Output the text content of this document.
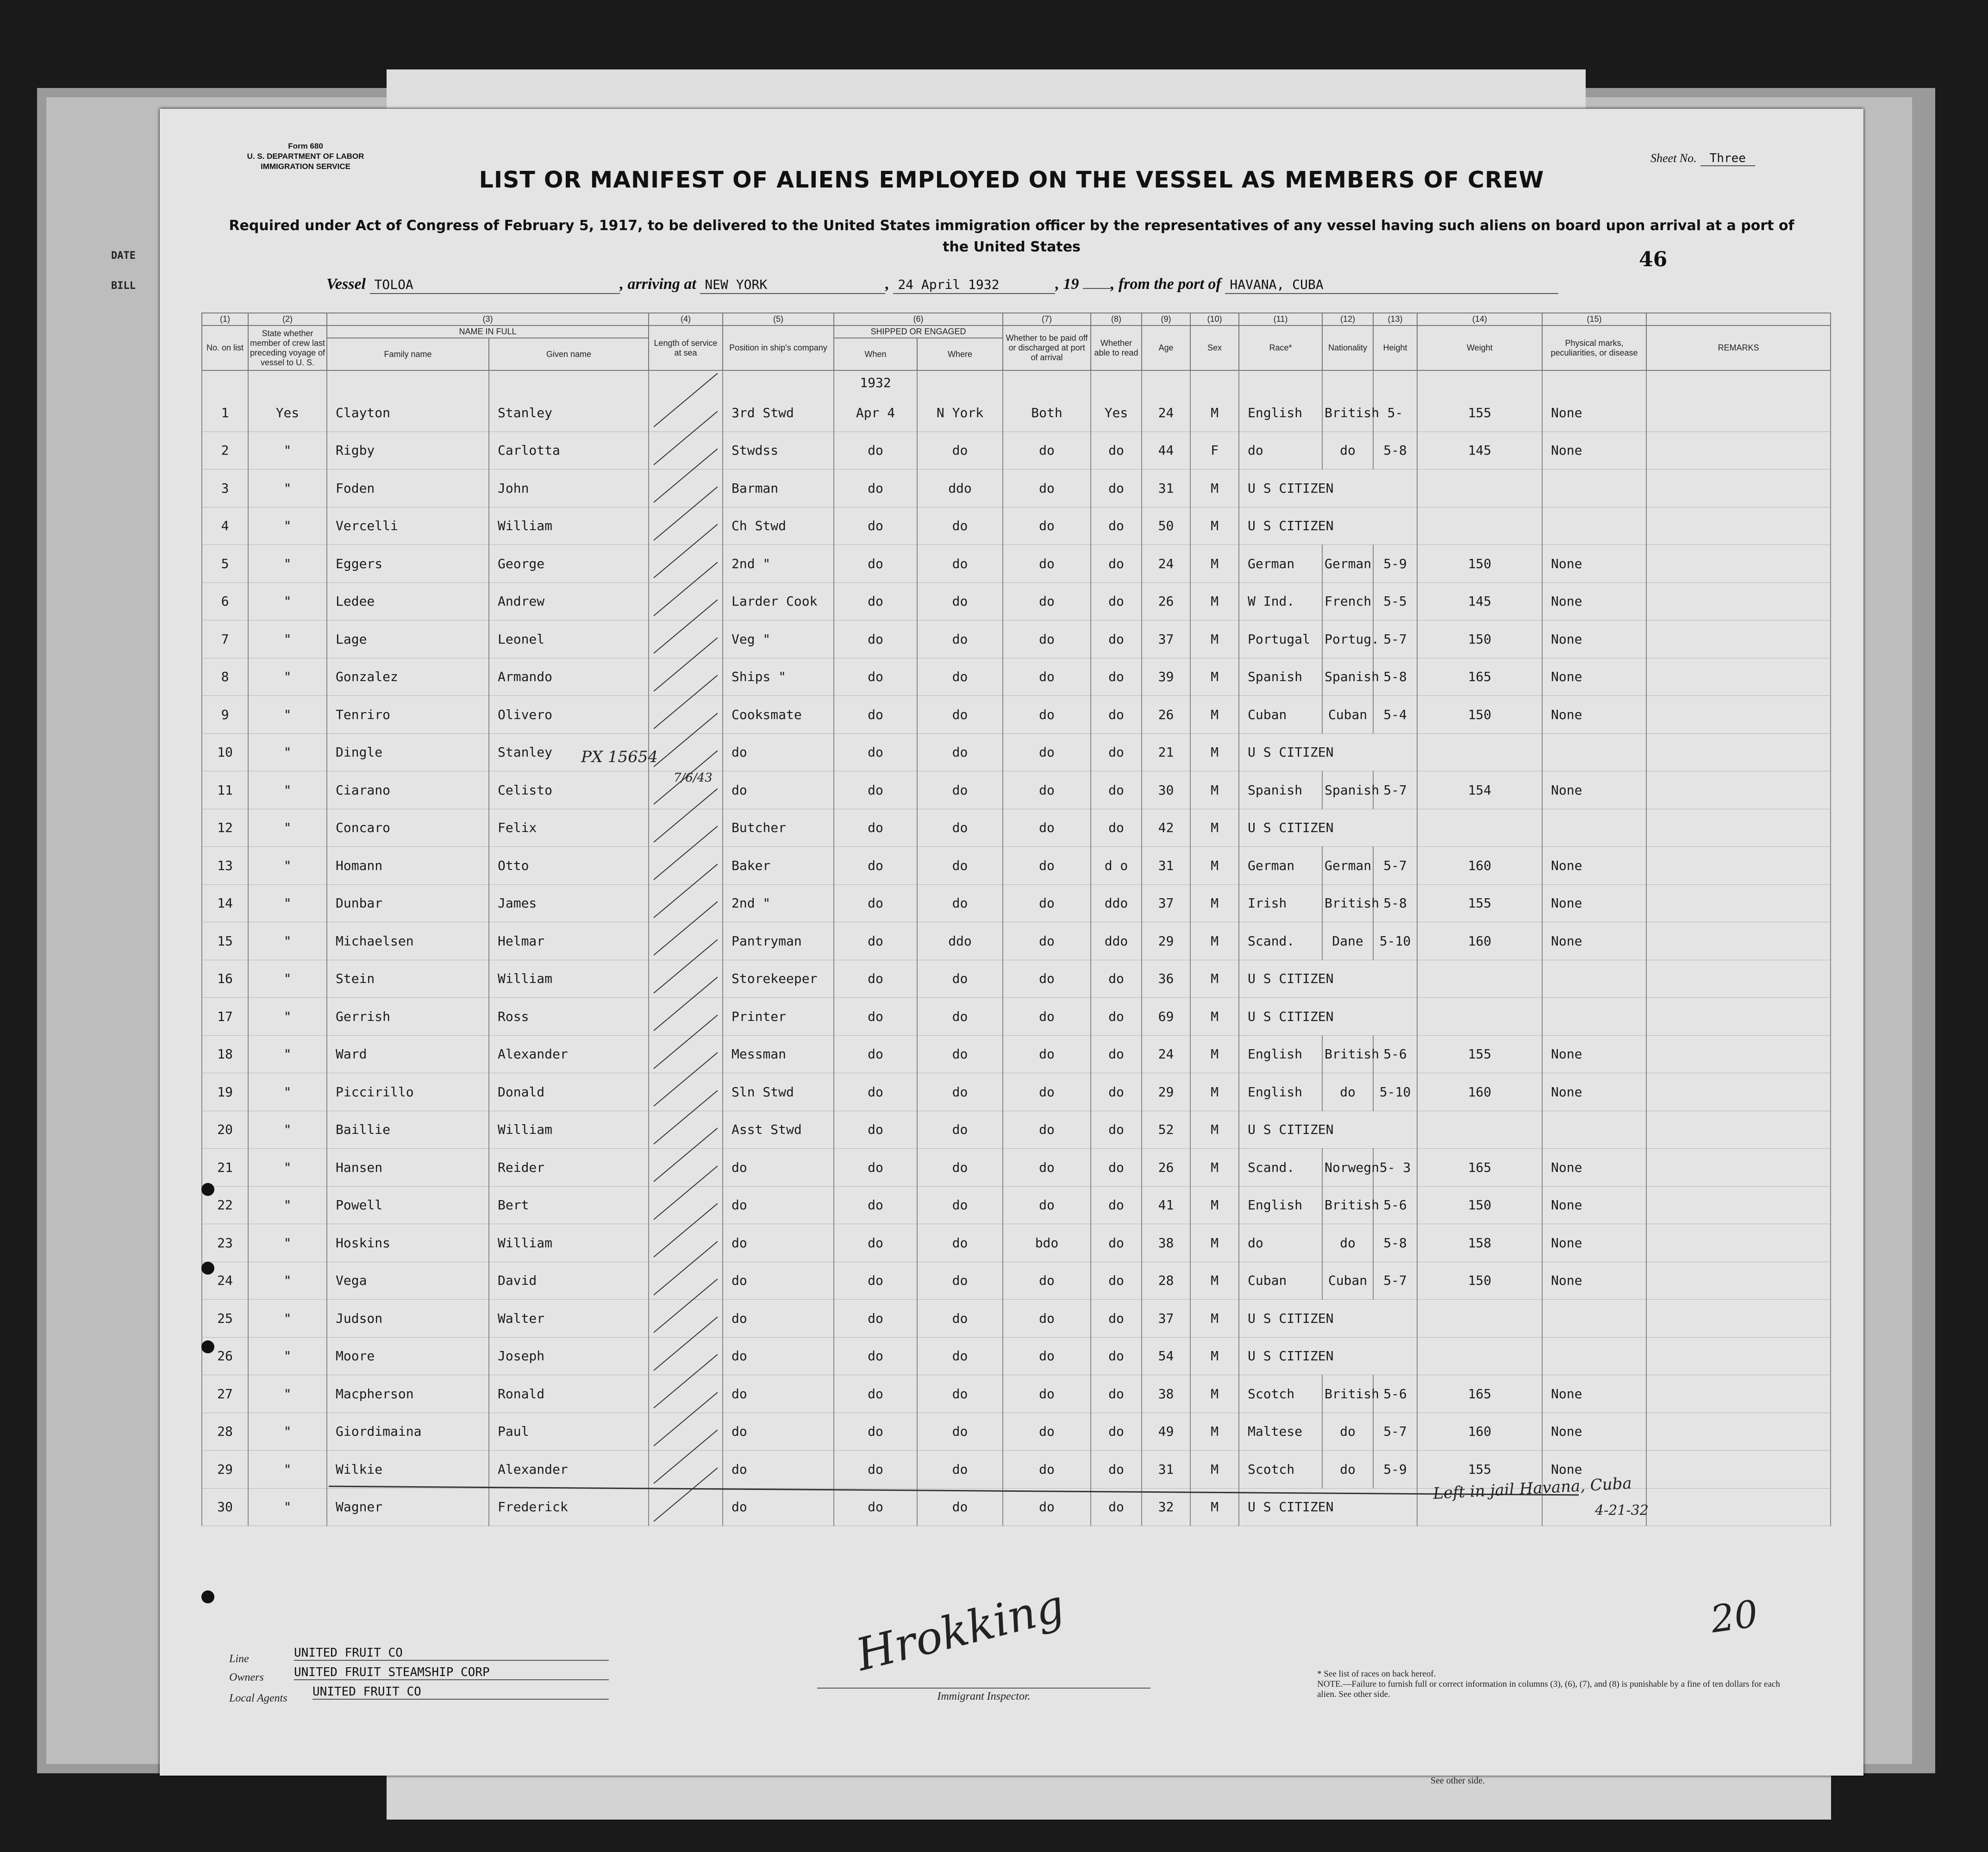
See other side.
DATE
BILL
Form 680
U. S. DEPARTMENT OF LABOR
IMMIGRATION SERVICE
Sheet No. Three
LIST OR MANIFEST OF ALIENS EMPLOYED ON THE VESSEL AS MEMBERS OF CREW
Required under Act of Congress of February 5, 1917, to be delivered to the United States immigration officer by the representatives of any vessel having such aliens on board upon arrival at a port of the United States
46
Vessel TOLOA	, arriving at NEW YORK	, 24 April 1932	, 19 , from the port of HAVANA, CUBA
(1)	(2)	(3)		(4)	(5)	(6)		(7)	(8)	(9)	(10)	(11)	(12)	(13)	(14)	(15)	
No. on list	State whether member of crew last preceding voyage of vessel to U. S.	NAME IN FULL		Length of service at sea	Position in ship's company	SHIPPED OR ENGAGED		Whether to be paid off or discharged at port of arrival	Whether able to read	Age	Sex	Race*	Nationality	Height	Weight	Physical marks, peculiarities, or disease	REMARKS
		Family name	Given name			When	Where										
						1932											
1	Yes	Clayton	Stanley		3rd Stwd	Apr 4	N York	Both	Yes	24	M	English	British	5-	155	None	
2	"	Rigby	Carlotta		Stwdss	do	do	do	do	44	F	do	do	5-8	145	None	
3	"	Foden	John		Barman	do	ddo	do	do	31	M	U S CITIZEN					
4	"	Vercelli	William		Ch Stwd	do	do	do	do	50	M	U S CITIZEN					
5	"	Eggers	George		2nd "	do	do	do	do	24	M	German	German	5-9	150	None	
6	"	Ledee	Andrew		Larder Cook	do	do	do	do	26	M	W Ind.	French	5-5	145	None	
7	"	Lage	Leonel		Veg "	do	do	do	do	37	M	Portugal	Portug.	5-7	150	None	
8	"	Gonzalez	Armando		Ships "	do	do	do	do	39	M	Spanish	Spanish	5-8	165	None	
9	"	Tenriro	Olivero		Cooksmate	do	do	do	do	26	M	Cuban	Cuban	5-4	150	None	
10	"	Dingle	Stanley		do	do	do	do	do	21	M	U S CITIZEN					
11	"	Ciarano	Celisto		do	do	do	do	do	30	M	Spanish	Spanish	5-7	154	None	
12	"	Concaro	Felix		Butcher	do	do	do	do	42	M	U S CITIZEN					
13	"	Homann	Otto		Baker	do	do	do	d o	31	M	German	German	5-7	160	None	
14	"	Dunbar	James		2nd "	do	do	do	ddo	37	M	Irish	British	5-8	155	None	
15	"	Michaelsen	Helmar		Pantryman	do	ddo	do	ddo	29	M	Scand.	Dane	5-10	160	None	
16	"	Stein	William		Storekeeper	do	do	do	do	36	M	U S CITIZEN					
17	"	Gerrish	Ross		Printer	do	do	do	do	69	M	U S CITIZEN					
18	"	Ward	Alexander		Messman	do	do	do	do	24	M	English	British	5-6	155	None	
19	"	Piccirillo	Donald		Sln Stwd	do	do	do	do	29	M	English	do	5-10	160	None	
20	"	Baillie	William		Asst Stwd	do	do	do	do	52	M	U S CITIZEN					
21	"	Hansen	Reider		do	do	do	do	do	26	M	Scand.	Norwegn	5- 3	165	None	
22	"	Powell	Bert		do	do	do	do	do	41	M	English	British	5-6	150	None	
23	"	Hoskins	William		do	do	do	bdo	do	38	M	do	do	5-8	158	None	
24	"	Vega	David		do	do	do	do	do	28	M	Cuban	Cuban	5-7	150	None	
25	"	Judson	Walter		do	do	do	do	do	37	M	U S CITIZEN					
26	"	Moore	Joseph		do	do	do	do	do	54	M	U S CITIZEN					
27	"	Macpherson	Ronald		do	do	do	do	do	38	M	Scotch	British	5-6	165	None	
28	"	Giordimaina	Paul		do	do	do	do	do	49	M	Maltese	do	5-7	160	None	
29	"	Wilkie	Alexander		do	do	do	do	do	31	M	Scotch	do	5-9	155	None	
30	"	Wagner	Frederick		do	do	do	do	do	32	M	U S CITIZEN					
PX 15654
7/6/43
Left in jail Havana, Cuba
4-21-32
Line	UNITED FRUIT CO
Owners	UNITED FRUIT STEAMSHIP CORP
Local Agents UNITED FRUIT CO
Hrokking
Immigrant Inspector.
* See list of races on back hereof.
NOTE.—Failure to furnish full or correct information in columns (3), (6), (7), and (8) is punishable by a fine of ten dollars for each alien. See other side.
20
